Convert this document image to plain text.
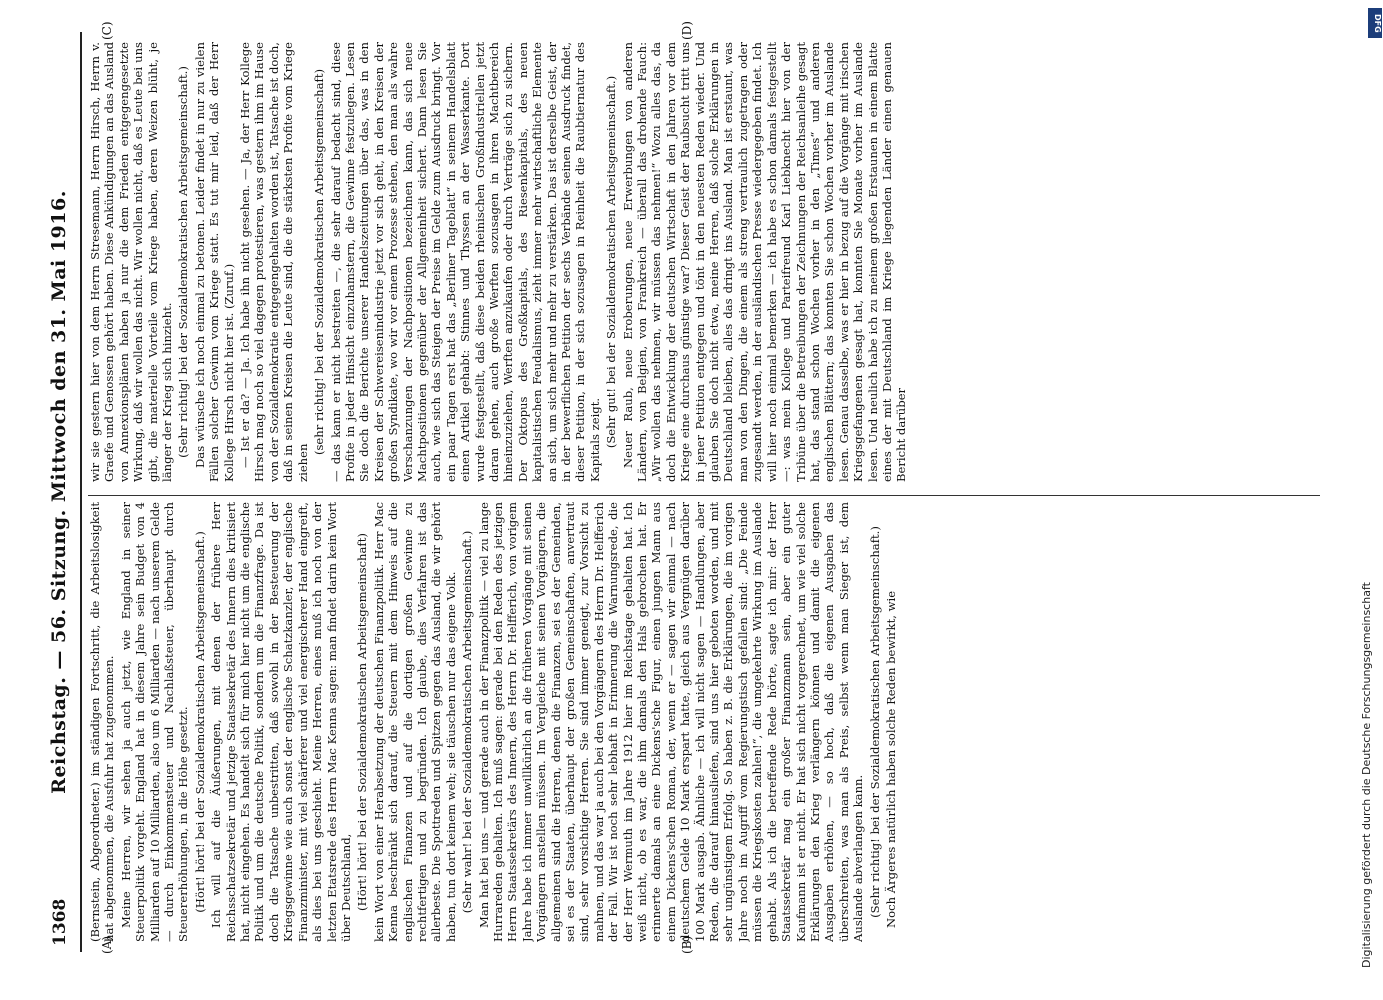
1368
Reichstag. — 56. Sitzung. Mittwoch den 31. Mai 1916. (Bernstein, Abgeordneter.) im ständigen Fortschritt, die Arbeitslosigkeit hat abgenommen, die Ausfuhr hat zugenommen. Meine Herren, wir sehen ja auch jetzt, wie England in seiner Steuerpolitik vorgeht. England hat in diesem Jahre sein Budget von 4 Milliarden auf 10 Milliarden, also um 6 Milliarden — nach unserem Gelde — durch Einkommensteuer und Nachlaßsteuer, überhaupt durch Steuererhöhungen, in die Höhe gesetzt. (Hört! hört! bei der Sozialdemokratischen Arbeitsgemeinschaft.) Ich will auf die Äußerungen, mit denen der frühere Herr Reichsschatzsekretär und jetzige Staatssekretär des Innern dies kritisiert hat, nicht eingehen. Es handelt sich für mich hier nicht um die englische Politik und um die deutsche Politik, sondern um die Finanzfrage. Da ist doch die Tatsache unbestritten, daß sowohl in der Besteuerung der Kriegsgewinne wie auch sonst der englische Schatzkanzler, der englische Finanzminister, mit viel schärferer und viel energischerer Hand eingreift, als dies bei uns geschieht. Meine Herren, eines muß ich noch von der letzten Etatsrede des Herrn Mac Kenna sagen: man findet darin kein Wort über Deutschland, (Hört! hört! bei der Sozialdemokratischen Arbeitsgemeinschaft) kein Wort von einer Herabsetzung der deutschen Finanzpolitik. Herr Mac Kenna beschränkt sich darauf, die Steuern mit dem Hinweis auf die englischen Finanzen und auf die dortigen großen Gewinne zu rechtfertigen und zu begründen. Ich glaube, dies Verfahren ist das allerbeste. Die Spottreden und Spitzen gegen das Ausland, die wir gehört haben, tun dort keinem weh; sie täuschen nur das eigene Volk. (Sehr wahr! bei der Sozialdemokratischen Arbeitsgemeinschaft.) Man hat bei uns — und gerade auch in der Finanzpolitik — viel zu lange Hurrareden gehalten. Ich muß sagen: gerade bei den Reden des jetzigen Herrn Staatssekretärs des Innern, des Herrn Dr. Helfferich, von vorigem Jahre habe ich immer unwillkürlich an die früheren Vorgänge mit seinen Vorgängern anstellen müssen. Im Vergleiche mit seinen Vorgängern, die allgemeinen sind die Herren, denen die Finanzen, sei es der Gemeinden, sei es der Staaten, überhaupt der großen Gemeinschaften, anvertraut sind, sehr vorsichtige Herren. Sie sind immer geneigt, zur Vorsicht zu mahnen, und das war ja auch bei den Vorgängern des Herrn Dr. Helfferich der Fall. Wir ist noch sehr lebhaft in Erinnerung die Warnungsrede, die der Herr Wermuth im Jahre 1912 hier im Reichstage gehalten hat. Ich weiß nicht, ob es war, die ihm damals den Hals gebrochen hat. Er erinnerte damals an eine Dickens'sche Figur, einen jungen Mann aus einem Dickens'schen Roman, der, wenn er — sagen wir einmal — nach deutschem Gelde 10 Mark erspart hatte, gleich aus Vergnügen darüber 100 Mark ausgab. Ähnliche — ich will nicht sagen — Handlungen, aber Reden, die darauf hinausliefen, sind uns hier geboten worden, und mit sehr ungünstigem Erfolg. So haben z. B. die Erklärungen, die im vorigen Jahre noch im Augriff vom Regierungstisch gefallen sind: „Die Feinde müssen die Kriegskosten zahlen!“, die umgekehrte Wirkung im Auslande gehabt. Als ich die betreffende Rede hörte, sagte ich mir: der Herr Staatssekretär mag ein großer Finanzmann sein, aber ein guter Kaufmann ist er nicht. Er hat sich nicht vorgerechnet, um wie viel solche Erklärungen den Krieg verlängern können und damit die eigenen Ausgaben erhöhen, — so hoch, daß die eigenen Ausgaben das überschreiten, was man als Preis, selbst wenn man Sieger ist, dem Auslande abverlangen kann. (Sehr richtig! bei der Sozialdemokratischen Arbeitsgemeinschaft.) Noch Ärgeres natürlich haben solche Reden bewirkt, wie

wir sie gestern hier von dem Herrn Stresemann, Herrn Hirsch, Herrn v. Graefe und Genossen gehört haben. Diese Ankündigungen an das Ausland von Annexionsplänen haben ja nur die dem Frieden entgegengesetzte Wirkung, daß wir wollen das nicht. Wir wollen nicht, daß es Leute bei uns gibt, die materielle Vorteile vom Kriege haben, deren Weizen blüht, je länger der Krieg sich hinzieht. (Sehr richtig! bei der Sozialdemokratischen Arbeitsgemeinschaft.) Das wünsche ich noch einmal zu betonen. Leider findet in nur zu vielen Fällen solcher Gewinn vom Kriege statt. Es tut mir leid, daß der Herr Kollege Hirsch nicht hier ist. (Zuruf.) — Ist er da? — Ja. Ich habe ihn nicht gesehen. — Ja, der Herr Kollege Hirsch mag noch so viel dagegen protestieren, was gestern ihm im Hause von der Sozialdemokratie entgegengehalten worden ist, Tatsache ist doch, daß in seinen Kreisen die Leute sind, die die stärksten Profite vom Kriege ziehen

(sehr richtig! bei der Sozialdemokratischen Arbeitsgemeinschaft) — das kann er nicht bestreiten —, die sehr darauf bedacht sind, diese Profite in jeder Hinsicht einzuhamstern, die Gewinne festzulegen. Lesen Sie doch die Berichte unserer Handelszeitungen über das, was in den Kreisen der Schwereisenindustrie jetzt vor sich geht, in den Kreisen der großen Syndikate, wo wir vor einem Prozesse stehen, den man als wahre Verschanzungen der Nachpositionen bezeichnen kann, das sich neue Machtpositionen gegenüber der Allgemeinheit sichert. Dann lesen Sie auch, wie sich das Steigen der Preise im Gelde zum Ausdruck bringt. Vor ein paar Tagen erst hat das „Berliner Tageblatt“ in seinem Handelsblatt einen Artikel gehabt: Stinnes und Thyssen an der Wasserkante. Dort wurde festgestellt, daß diese beiden rheinischen Großindustriellen jetzt daran gehen, auch große Werften sozusagen in ihren Machtbereich hineinzuziehen, Werften anzukaufen oder durch Verträge sich zu sichern. Der Oktopus des Großkapitals, des Riesenkapitals, des neuen kapitalistischen Feudalismus, zieht immer mehr wirtschaftliche Elemente an sich, um sich mehr und mehr zu verstärken. Das ist derselbe Geist, der in der bewerflichen Petition der sechs Verbände seinen Ausdruck findet, dieser Petition, in der sich sozusagen in Reinheit die Raubtiernatur des Kapitals zeigt. (Sehr gut! bei der Sozialdemokratischen Arbeitsgemeinschaft.) Neuer Raub, neue Eroberungen, neue Erwerbungen von anderen Ländern, von Belgien, von Frankreich — überall das drohende Fauch: „Wir wollen das nehmen, wir müssen das nehmen!“ Wozu alles das, da doch die Entwicklung der deutschen Wirtschaft in den Jahren vor dem Kriege eine durchaus günstige war? Dieser Geist der Raubsucht tritt uns in jener Petition entgegen und tönt in den neuesten Reden wieder. Und glauben Sie doch nicht etwa, meine Herren, daß solche Erklärungen in Deutschland bleiben, alles das dringt ins Ausland. Man ist erstaunt, was man von den Dingen, die einem als streng vertraulich zugetragen oder zugesandt werden, in der ausländischen Presse wiedergegeben findet. Ich will hier noch einmal bemerken — ich habe es schon damals festgestellt —: was mein Kollege und Parteifreund Karl Liebknecht hier von der Tribüne über die Betreibungen der Zeichnungen der Reichsanleihe gesagt hat, das stand schon Wochen vorher in den „Times“ und anderen englischen Blättern; das konnten Sie schon Wochen vorher im Auslande lesen. Genau dasselbe, was er hier in bezug auf die Vorgänge mit irischen Kriegsgefangenen gesagt hat, konnten Sie Monate vorher im Auslande lesen. Und neulich habe ich zu meinem großen Erstaunen in einem Blatte eines der mit Deutschland im Kriege liegenden Länder einen genauen Bericht darüber

(A)	(B)
(C)	(D)
Digitalisierung gefördert durch die Deutsche Forschungsgemeinschaft
DFG
